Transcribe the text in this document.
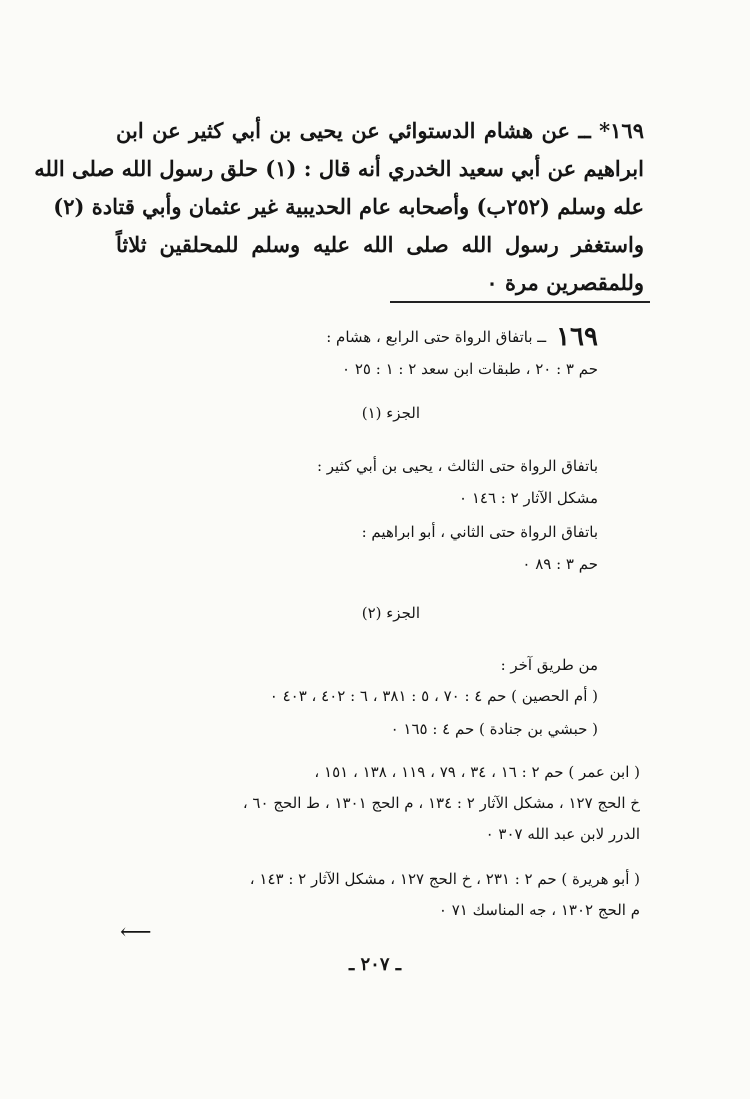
١٦٩* ــ عن هشام الدستوائي عن يحيى بن أبي كثير عن ابن
ابراهيم عن أبي سعيد الخدري أنه قال : (١) حلق رسول الله صلى الله
عله وسلم (٢٥٢ب) وأصحابه عام الحديبية غير عثمان وأبي قتادة (٢)
واستغفر رسول الله صلى الله عليه وسلم للمحلقين ثلاثاً
وللمقصرين مرة ٠
١٦٩ــ باتفاق الرواة حتى الرابع ، هشام :
حم ٣ : ٢٠ ، طبقات ابن سعد ٢ : ١ : ٢٥ ٠
الجزء (١)
باتفاق الرواة حتى الثالث ، يحيى بن أبي كثير :
مشكل الآثار ٢ : ١٤٦ ٠
باتفاق الرواة حتى الثاني ، أبو ابراهيم :
حم ٣ : ٨٩ ٠
الجزء (٢)
من طريق آخر :
( أم الحصين ) حم ٤ : ٧٠ ، ٥ : ٣٨١ ، ٦ : ٤٠٢ ، ٤٠٣ ٠
( حبشي بن جنادة ) حم ٤ : ١٦٥ ٠
( ابن عمر ) حم ٢ : ١٦ ، ٣٤ ، ٧٩ ، ١١٩ ، ١٣٨ ، ١٥١ ،
خ الحج ١٢٧ ، مشكل الآثار ٢ : ١٣٤ ، م الحج ١٣٠١ ، ط الحج ٦٠ ،
الدرر لابن عبد الله ٣٠٧ ٠
( أبو هريرة ) حم ٢ : ٢٣١ ، خ الحج ١٢٧ ، مشكل الآثار ٢ : ١٤٣ ،
م الحج ١٣٠٢ ، جه المناسك ٧١ ٠
⟵
ـ ٢٠٧ ـ
